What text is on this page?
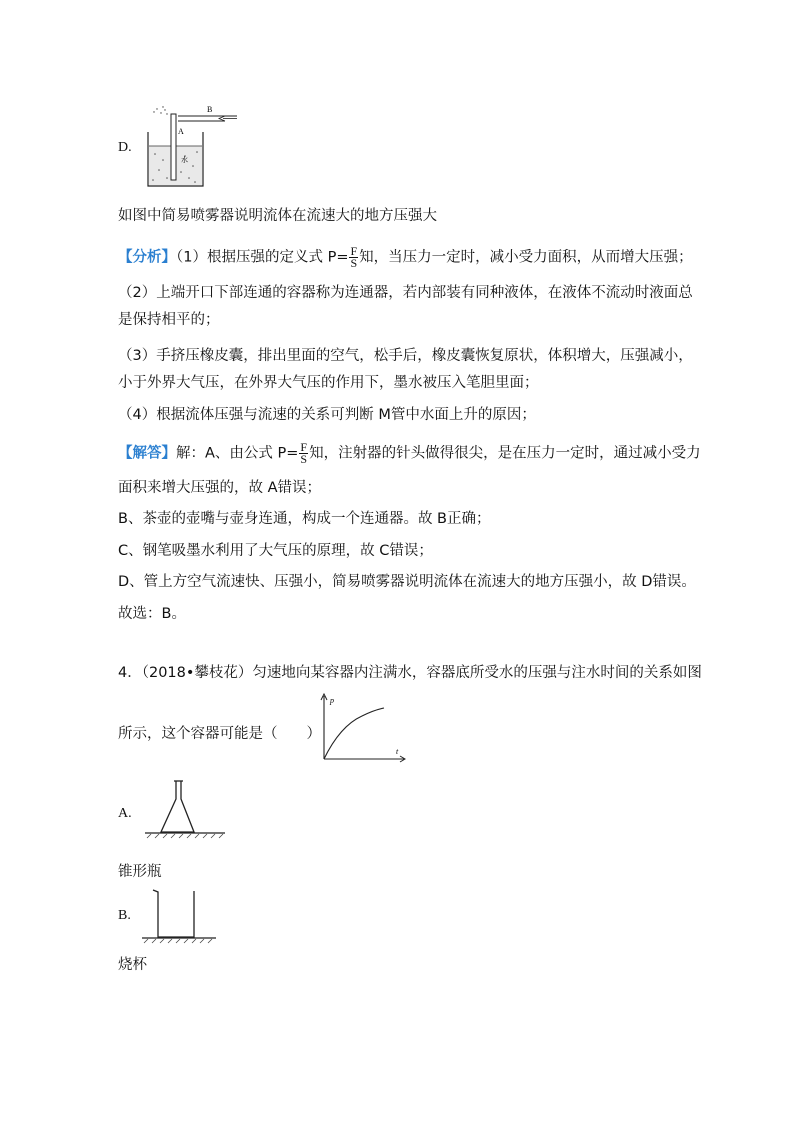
D.
B
A
水
如图中简易喷雾器说明流体在流速大的地方压强大
【分析】（1）根据压强的定义式 $P= \frac{F}{S}$ 知，当压力一定时，减小受力面积，从而增大压强；
（2）上端开口下部连通的容器称为连通器，若内部装有同种液体，在液体不流动时液面总
是保持相平的；
（3）手挤压橡皮囊，排出里面的空气，松手后，橡皮囊恢复原状，体积增大，压强减小，
小于外界大气压，在外界大气压的作用下，墨水被压入笔胆里面；
（4）根据流体压强与流速的关系可判断 M管中水面上升的原因；
【解答】解：A、由公式 $P= \frac{F}{S}$ 知，注射器的针头做得很尖，是在压力一定时，通过减小受力
面积来增大压强的，故 A错误；
B、茶壶的壶嘴与壶身连通，构成一个连通器。故 B正确；
C、钢笔吸墨水利用了大气压的原理，故 C错误；
D、管上方空气流速快、压强小，简易喷雾器说明流体在流速大的地方压强小，故 D错误。
故选：B。
4．（2018•攀枝花）匀速地向某容器内注满水，容器底所受水的压强与注水时间的关系如图
所示，这个容器可能是（　　）
p
t
A.
锥形瓶
B.
烧杯
